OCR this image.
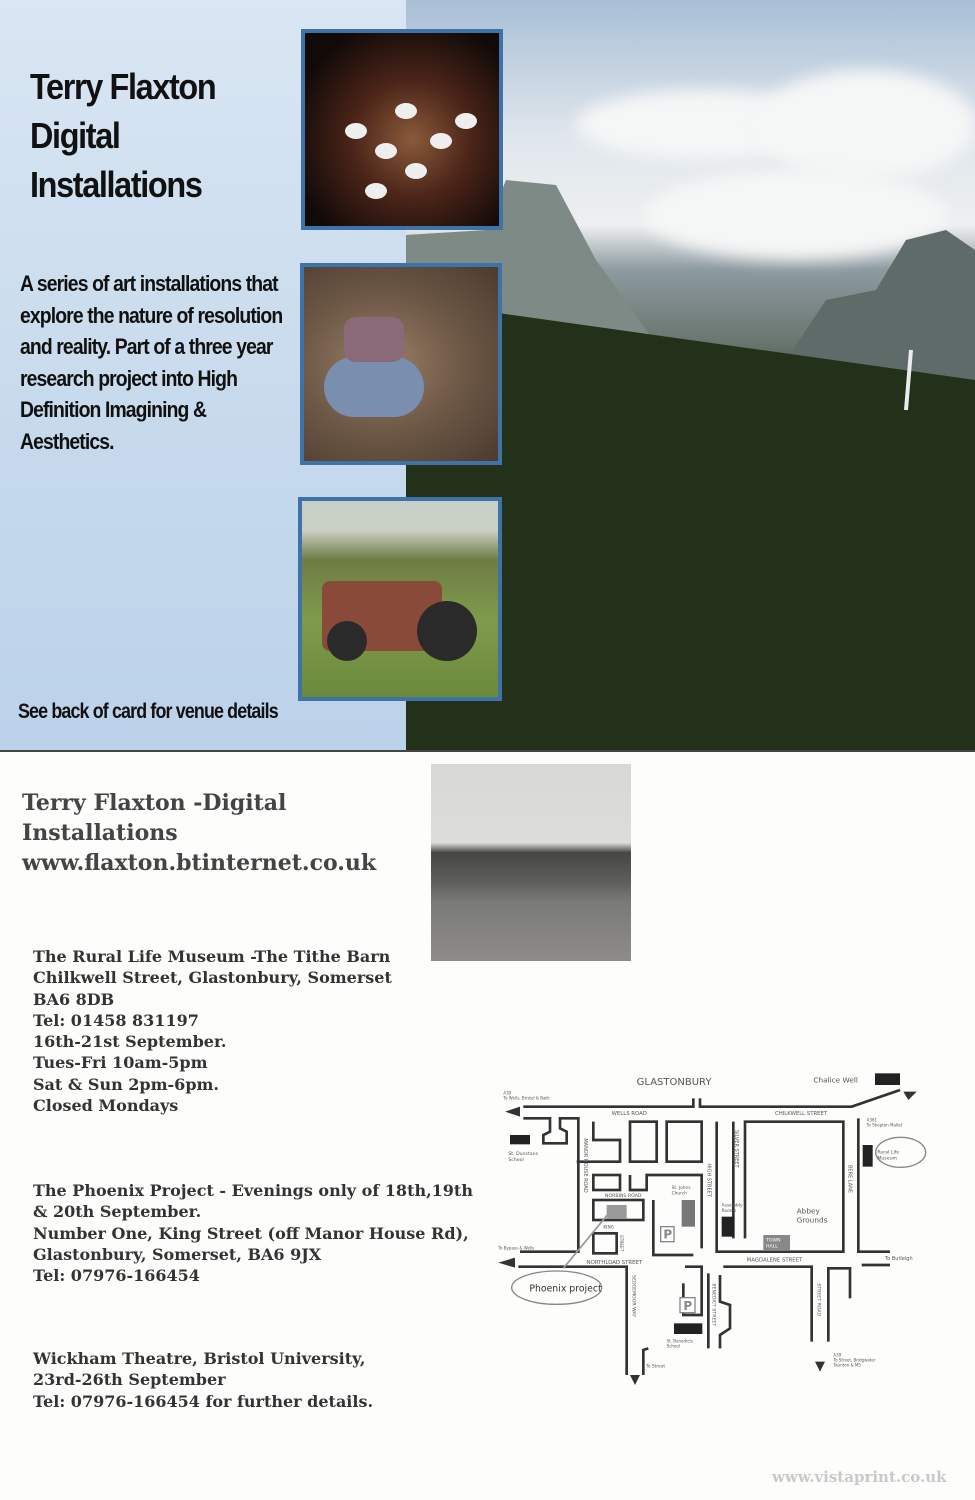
Terry Flaxton
Digital
Installations
A series of art installations that explore the nature of resolution and reality. Part of a three year research project into High Definition Imagining & Aesthetics.
See back of card for venue details
Terry Flaxton -Digital
Installations
www.flaxton.btinternet.co.uk
The Rural Life Museum -The Tithe Barn
Chilkwell Street, Glastonbury, Somerset
BA6 8DB
Tel: 01458 831197
16th-21st September.
Tues-Fri 10am-5pm
Sat & Sun 2pm-6pm.
Closed Mondays
The Phoenix Project - Evenings only of 18th,19th
& 20th September.
Number One, King Street (off Manor House Rd),
Glastonbury, Somerset, BA6 9JX
Tel: 07976-166454
Wickham Theatre, Bristol University,
23rd-26th September
Tel: 07976-166454 for further details.
P
P
GLASTONBURY	Chalice Well
A39
To Wells, Bristol & Bath
WELLS ROAD	CHILKWELL STREET
A361
To Shepton Mallet
St. Dunstans
School
Rural Life
Museum
MANOR HOUSE ROAD	SILVER STREET
HIGH STREET	BERE LANE
NORBINS ROAD
St. Johns
Church
Assembly
Rooms	Abbey
Grounds
KING
STREET	TOWN
HALL
To Bypass & Wells
NORTHLOAD STREET	MAGDALENE STREET	To Butleigh
Phoenix project SEDGEMOOR WAY	BENEDICT STREET	STREET ROAD
St. Benedicts
School
To Street
A39
To Street, Bridgwater
Taunton & M5
www.vistaprint.co.uk
